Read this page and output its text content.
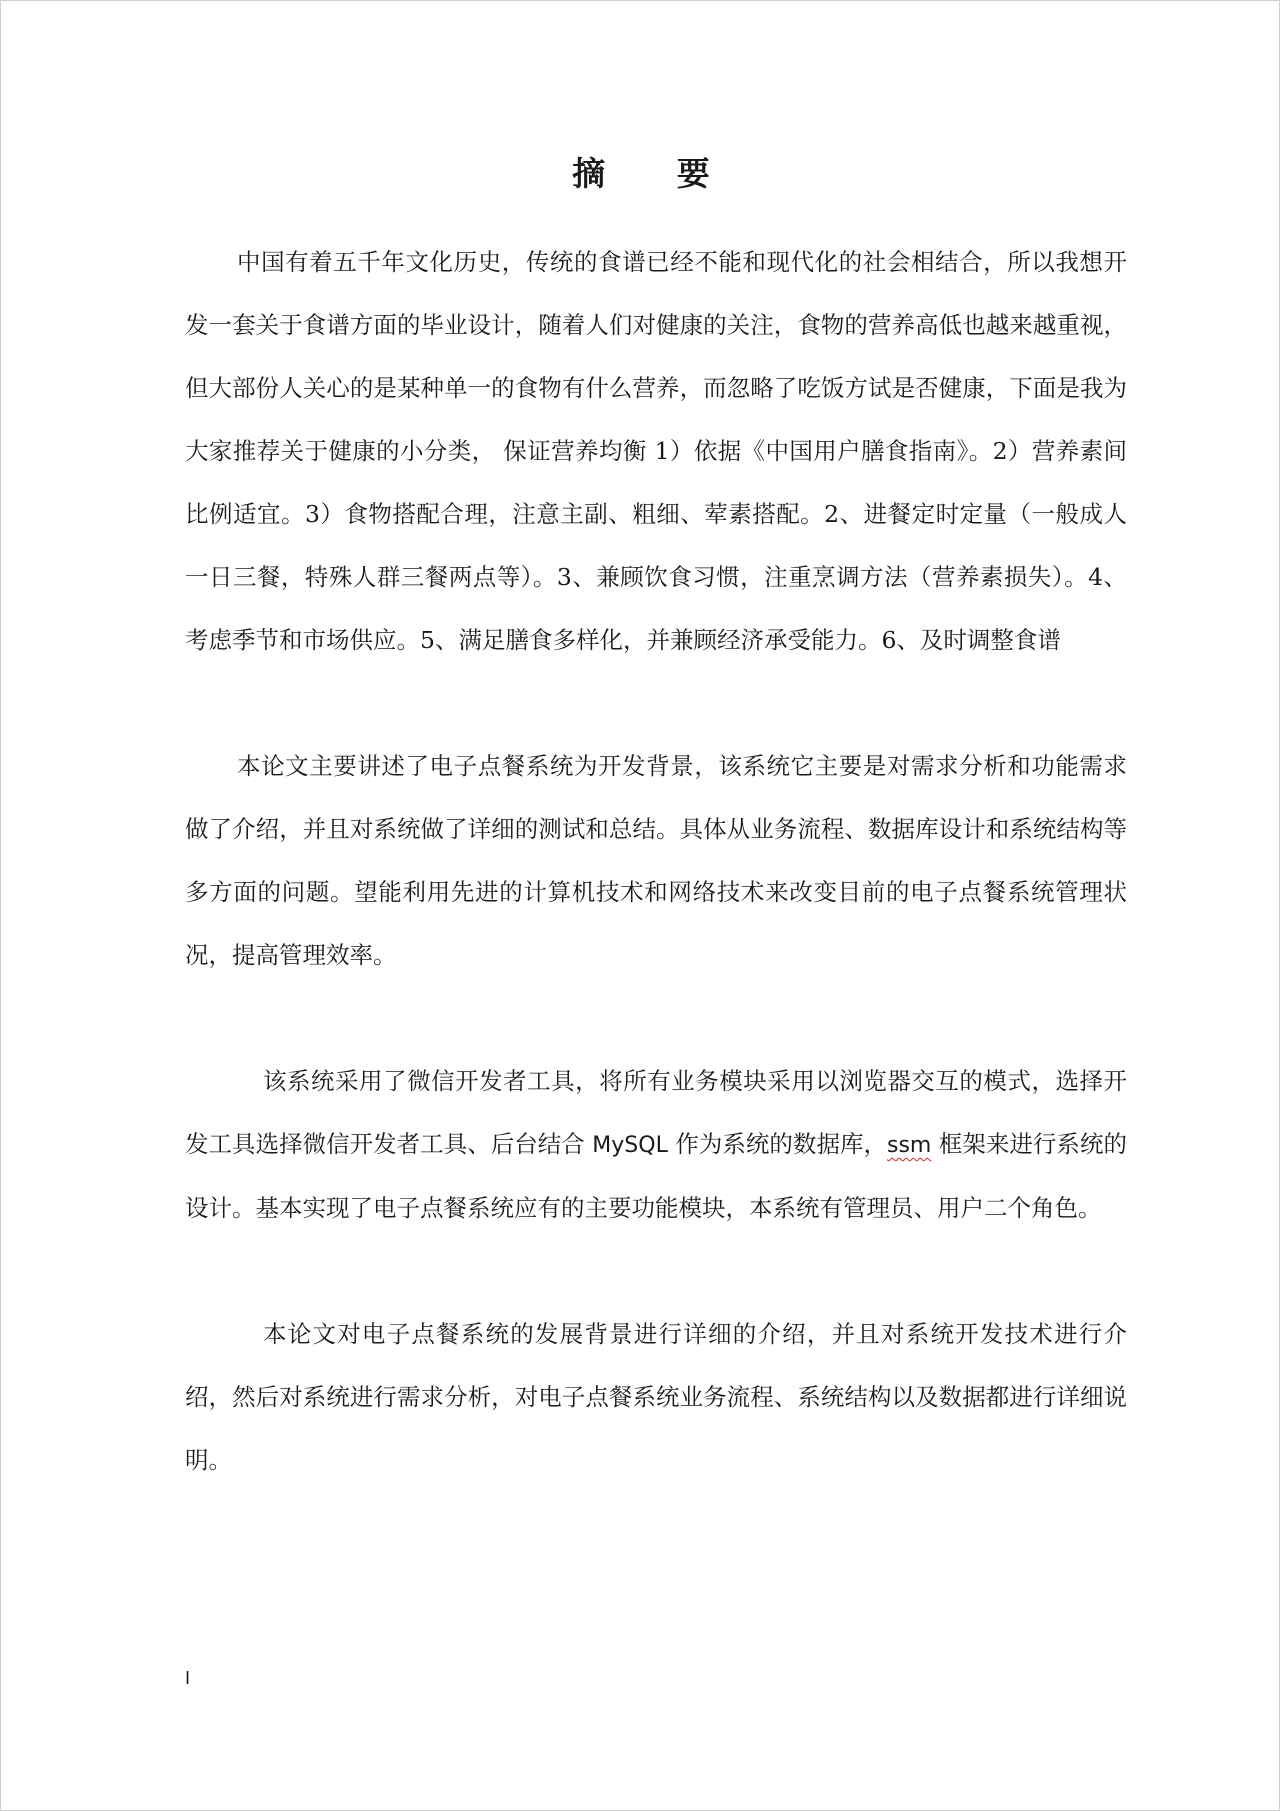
摘 要

中国有着五千年文化历史，传统的食谱已经不能和现代化的社会相结合，所以我想开发一套关于食谱方面的毕业设计，随着人们对健康的关注，食物的营养高低也越来越重视，但大部份人关心的是某种单一的食物有什么营养，而忽略了吃饭方试是否健康，下面是我为大家推荐关于健康的小分类， 保证营养均衡 1）依据《中国用户膳食指南》。2）营养素间比例适宜。3）食物搭配合理，注意主副、粗细、荤素搭配。2、进餐定时定量（一般成人一日三餐，特殊人群三餐两点等）。3、兼顾饮食习惯，注重烹调方法（营养素损失）。4、考虑季节和市场供应。5、满足膳食多样化，并兼顾经济承受能力。6、及时调整食谱

本论文主要讲述了电子点餐系统为开发背景，该系统它主要是对需求分析和功能需求做了介绍，并且对系统做了详细的测试和总结。具体从业务流程、数据库设计和系统结构等多方面的问题。望能利用先进的计算机技术和网络技术来改变目前的电子点餐系统管理状况，提高管理效率。

该系统采用了微信开发者工具，将所有业务模块采用以浏览器交互的模式，选择开发工具选择微信开发者工具、后台结合 MySQL 作为系统的数据库，ssm 框架来进行系统的设计。基本实现了电子点餐系统应有的主要功能模块，本系统有管理员、用户二个角色。

本论文对电子点餐系统的发展背景进行详细的介绍，并且对系统开发技术进行介绍，然后对系统进行需求分析，对电子点餐系统业务流程、系统结构以及数据都进行详细说明。

I
